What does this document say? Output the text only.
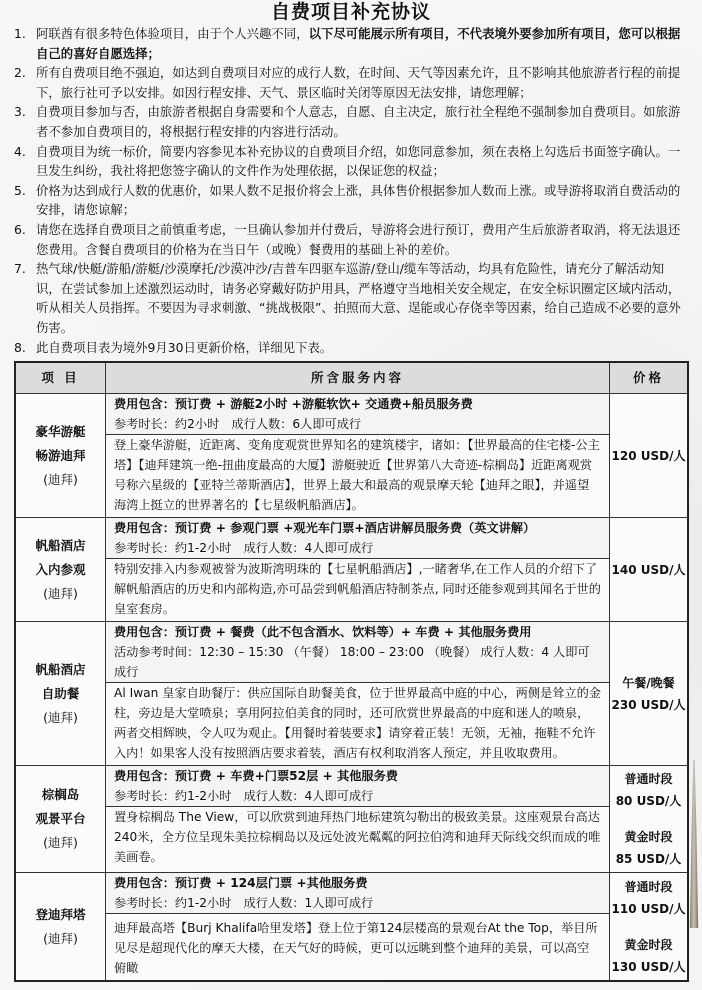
自费项目补充协议
1. 阿联酋有很多特色体验项目，由于个人兴趣不同，以下尽可能展示所有项目，不代表境外要参加所有项目，您可以根据自己的喜好自愿选择；
2. 所有自费项目绝不强迫，如达到自费项目对应的成行人数，在时间、天气等因素允许，且不影响其他旅游者行程的前提下，旅行社可予以安排。如因行程安排、天气、景区临时关闭等原因无法安排，请您理解；
3. 自费项目参加与否，由旅游者根据自身需要和个人意志，自愿、自主决定，旅行社全程绝不强制参加自费项目。如旅游者不参加自费项目的，将根据行程安排的内容进行活动。
4. 自费项目为统一标价，简要内容参见本补充协议的自费项目介绍，如您同意参加，须在表格上勾选后书面签字确认。一旦发生纠纷，我社将把您签字确认的文件作为处理依据，以保证您的权益；
5. 价格为达到成行人数的优惠价，如果人数不足报价将会上涨，具体售价根据参加人数而上涨。或导游将取消自费活动的安排，请您谅解；
6. 请您在选择自费项目之前慎重考虑，一旦确认参加并付费后，导游将会进行预订，费用产生后旅游者取消，将无法退还您费用。含餐自费项目的价格为在当日午（或晚）餐费用的基础上补的差价。
7. 热气球/快艇/游船/游艇/沙漠摩托/沙漠冲沙/吉普车四驱车巡游/登山/缆车等活动，均具有危险性，请充分了解活动知识，在尝试参加上述激烈运动时，请务必穿戴好防护用具，严格遵守当地相关安全规定，在安全标识圈定区域内活动，听从相关人员指挥。不要因为寻求刺激、“挑战极限”、拍照而大意、逞能或心存侥幸等因素，给自己造成不必要的意外伤害。
8. 此自费项目表为境外9月30日更新价格，详细见下表。
项 目	所含服务内容	价格
豪华游艇
畅游迪拜
(迪拜)
费用包含：预订费 + 游艇2小时 +游艇软饮+ 交通费+船员服务费
参考时长：约2小时　成行人数：6人即可成行
登上豪华游艇，近距离、变角度观赏世界知名的建筑楼宇，诸如：【世界最高的住宅楼-公主塔】【迪拜建筑一绝-扭曲度最高的大厦】游艇驶近【世界第八大奇迹-棕榈岛】近距离观赏号称六星级的【亚特兰蒂斯酒店】，世界上最大和最高的观景摩天轮【迪拜之眼】，并遥望海湾上挺立的世界著名的【七星级帆船酒店】。
120 USD/人
帆船酒店
入内参观
(迪拜)
费用包含：预订费 + 参观门票 +观光车门票+酒店讲解员服务费（英文讲解）
参考时长：约1-2小时　成行人数：4人即可成行
特别安排入内参观被誉为波斯湾明珠的【七星帆船酒店】,一睹奢华,在工作人员的介绍下了解帆船酒店的历史和内部构造,亦可品尝到帆船酒店特制茶点, 同时还能参观到其闻名于世的皇室套房。
140 USD/人
帆船酒店
自助餐
(迪拜)
费用包含：预订费 + 餐费（此不包含酒水、饮料等）+ 车费 + 其他服务费用
活动参考时间：12:30 – 15:30 （午餐） 18:00 – 23:00 （晚餐） 成行人数：4 人即可成行
Al Iwan 皇家自助餐厅：供应国际自助餐美食，位于世界最高中庭的中心，两侧是耸立的金柱，旁边是大堂喷泉；享用阿拉伯美食的同时，还可欣赏世界最高的中庭和迷人的喷泉，两者交相辉映，令人叹为观止。【用餐时着装要求】请穿着正装！无领，无袖，拖鞋不允许入内！如果客人没有按照酒店要求着装，酒店有权利取消客人预定，并且收取费用。
午餐/晚餐
230 USD/人
棕榈岛
观景平台
(迪拜)
费用包含：预订费 + 车费+门票52层 + 其他服务费
参考时长：约1-2小时　成行人数：4人即可成行
置身棕榈岛 The View，可以欣赏到迪拜热门地标建筑勾勒出的极致美景。这座观景台高达240米，全方位呈现朱美拉棕榈岛以及远处波光粼粼的阿拉伯湾和迪拜天际线交织而成的唯美画卷。
普通时段
80 USD/人
黄金时段
85 USD/人
登迪拜塔
(迪拜)
费用包含：预订费 + 124层门票 +其他服务费
参考时长：约1-2小时　成行人数：1人即可成行
迪拜最高塔【Burj Khalifa哈里发塔】登上位于第124层楼高的景观台At the Top，举目所见尽是超现代化的摩天大楼，在天气好的時候，更可以远眺到整个迪拜的美景，可以高空俯瞰
普通时段
110 USD/人
黄金时段
130 USD/人
